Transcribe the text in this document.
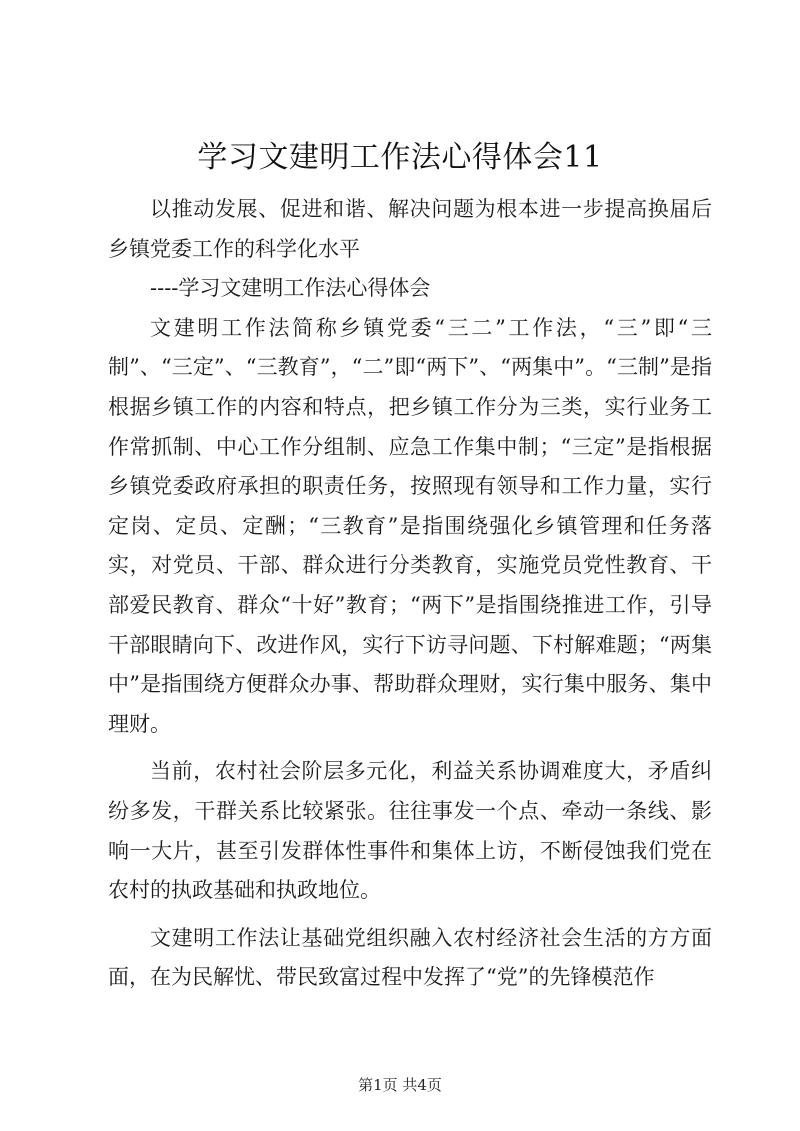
学习文建明工作法心得体会11

以推动发展、促进和谐、解决问题为根本进一步提高换届后乡镇党委工作的科学化水平

----学习文建明工作法心得体会

文建明工作法简称乡镇党委“三二”工作法，“三”即“三制”、“三定”、“三教育”，“二”即“两下”、“两集中”。“三制”是指根据乡镇工作的内容和特点，把乡镇工作分为三类，实行业务工作常抓制、中心工作分组制、应急工作集中制；“三定”是指根据乡镇党委政府承担的职责任务，按照现有领导和工作力量，实行定岗、定员、定酬；“三教育”是指围绕强化乡镇管理和任务落实，对党员、干部、群众进行分类教育，实施党员党性教育、干部爱民教育、群众“十好”教育；“两下”是指围绕推进工作，引导干部眼睛向下、改进作风，实行下访寻问题、下村解难题；“两集中”是指围绕方便群众办事、帮助群众理财，实行集中服务、集中理财。

当前，农村社会阶层多元化，利益关系协调难度大，矛盾纠纷多发，干群关系比较紧张。往往事发一个点、牵动一条线、影响一大片，甚至引发群体性事件和集体上访，不断侵蚀我们党在农村的执政基础和执政地位。

文建明工作法让基础党组织融入农村经济社会生活的方方面面，在为民解忧、带民致富过程中发挥了“党”的先锋模范作

第1页 共4页
